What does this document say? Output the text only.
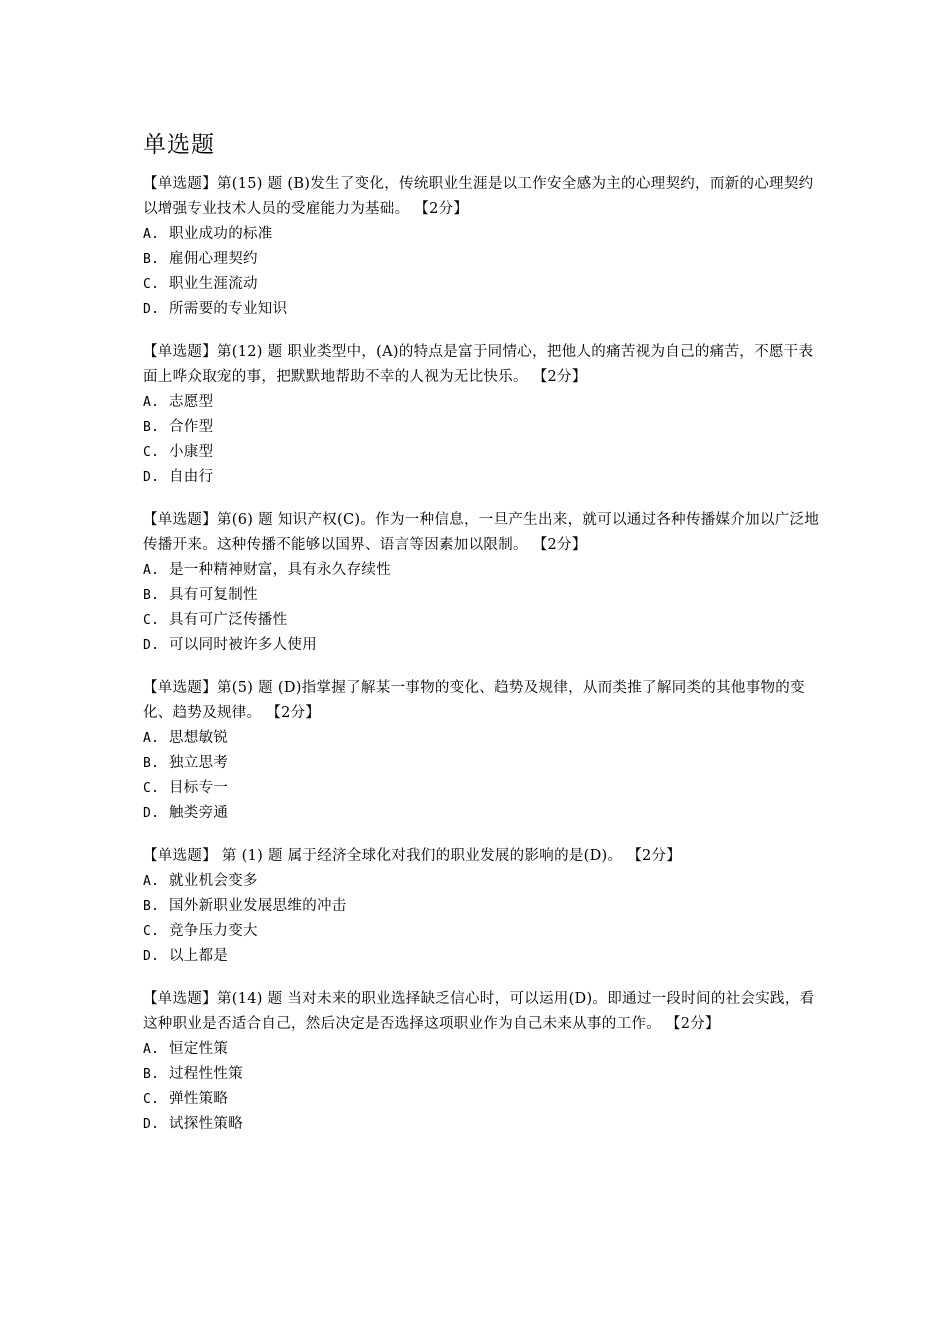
单选题

【单选题】第(15) 题 (B)发生了变化，传统职业生涯是以工作安全感为主的心理契约，而新的心理契约以增强专业技术人员的受雇能力为基础。 【2分】

A. 职业成功的标准
B. 雇佣心理契约
C. 职业生涯流动
D. 所需要的专业知识

【单选题】第(12) 题 职业类型中，(A)的特点是富于同情心，把他人的痛苦视为自己的痛苦，不愿干表面上哗众取宠的事，把默默地帮助不幸的人视为无比快乐。 【2分】

A. 志愿型
B. 合作型
C. 小康型
D. 自由行

【单选题】第(6) 题 知识产权(C)。作为一种信息，一旦产生出来，就可以通过各种传播媒介加以广泛地传播开来。这种传播不能够以国界、语言等因素加以限制。 【2分】

A. 是一种精神财富，具有永久存续性
B. 具有可复制性
C. 具有可广泛传播性
D. 可以同时被许多人使用

【单选题】第(5) 题 (D)指掌握了解某一事物的变化、趋势及规律，从而类推了解同类的其他事物的变化、趋势及规律。 【2分】

A. 思想敏锐
B. 独立思考
C. 目标专一
D. 触类旁通

【单选题】 第 (1) 题 属于经济全球化对我们的职业发展的影响的是(D)。 【2分】

A. 就业机会变多
B. 国外新职业发展思维的冲击
C. 竞争压力变大
D. 以上都是

【单选题】第(14) 题 当对未来的职业选择缺乏信心时，可以运用(D)。即通过一段时间的社会实践，看这种职业是否适合自己，然后决定是否选择这项职业作为自己未来从事的工作。 【2分】

A. 恒定性策
B. 过程性性策
C. 弹性策略
D. 试探性策略
